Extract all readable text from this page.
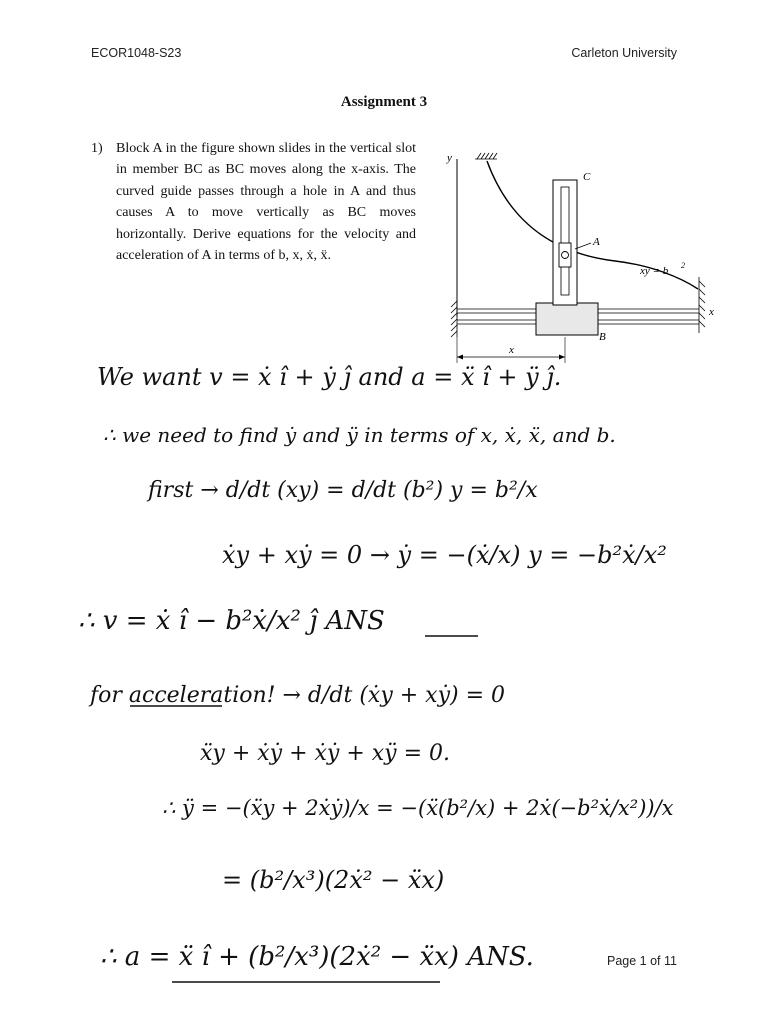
ECOR1048-S23	Carleton University
Assignment 3
1) Block A in the figure shown slides in the vertical slot in member BC as BC moves along the x-axis. The curved guide passes through a hole in A and thus causes A to move vertically as BC moves horizontally. Derive equations for the velocity and acceleration of A in terms of b, x, ẋ, ẍ.
y
C
A
B
xy = b 2
x
x
We want v = ẋ î + ẏ ĵ and a = ẍ î + ÿ ĵ.
∴ we need to find ẏ and ÿ in terms of x, ẋ, ẍ, and b.
first → d/dt (xy) = d/dt (b²) y = b²/x
ẋy + xẏ = 0 → ẏ = −(ẋ/x) y = −b²ẋ/x²
∴ v = ẋ î − b²ẋ/x² ĵ ANS
for acceleration! → d/dt (ẋy + xẏ) = 0
ẍy + ẋẏ + ẋẏ + xÿ = 0.
∴ ÿ = −(ẍy + 2ẋẏ)/x = −(ẍ(b²/x) + 2ẋ(−b²ẋ/x²))/x
= (b²/x³)(2ẋ² − ẍx)
∴ a = ẍ î + (b²/x³)(2ẋ² − ẍx) ANS.	Page 1 of 11
